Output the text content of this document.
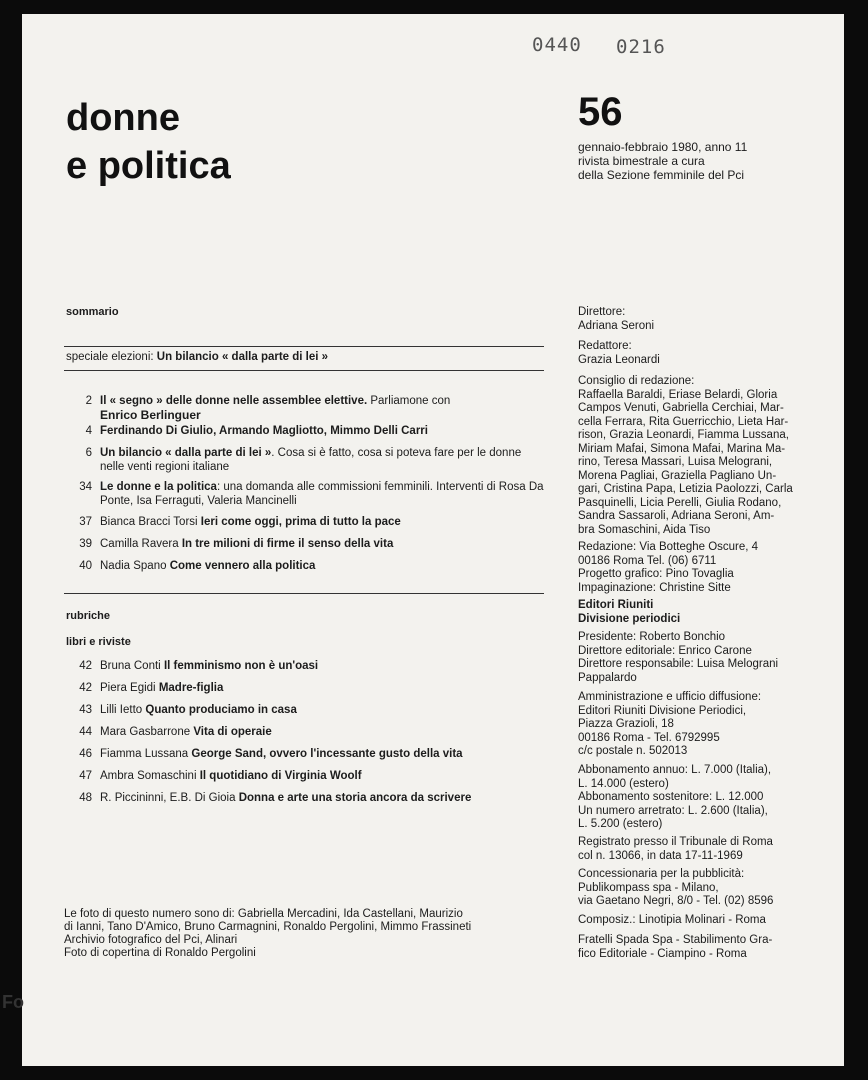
0440 0216
donne
e politica
56
gennaio-febbraio 1980, anno 11
rivista bimestrale a cura
della Sezione femminile del Pci
sommario
speciale elezioni: Un bilancio « dalla parte di lei »
2 Il « segno » delle donne nelle assemblee elettive. Parliamone con
Enrico Berlinguer
4 Ferdinando Di Giulio, Armando Magliotto, Mimmo Delli Carri
6 Un bilancio « dalla parte di lei ». Cosa si è fatto, cosa si poteva fare per le donne nelle venti regioni italiane
34 Le donne e la politica: una domanda alle commissioni femminili. Interventi di Rosa Da Ponte, Isa Ferraguti, Valeria Mancinelli
37 Bianca Bracci Torsi Ieri come oggi, prima di tutto la pace
39 Camilla Ravera In tre milioni di firme il senso della vita
40 Nadia Spano Come vennero alla politica
rubriche
libri e riviste
42 Bruna Conti Il femminismo non è un'oasi
42 Piera Egidi Madre-figlia
43 Lilli Ietto Quanto produciamo in casa
44 Mara Gasbarrone Vita di operaie
46 Fiamma Lussana George Sand, ovvero l'incessante gusto della vita
47 Ambra Somaschini Il quotidiano di Virginia Woolf
48 R. Piccininni, E.B. Di Gioia Donna e arte una storia ancora da scrivere
Le foto di questo numero sono di: Gabriella Mercadini, Ida Castellani, Maurizio
di Ianni, Tano D'Amico, Bruno Carmagnini, Ronaldo Pergolini, Mimmo Frassineti
Archivio fotografico del Pci, Alinari
Foto di copertina di Ronaldo Pergolini
Direttore:
Adriana Seroni
Redattore:
Grazia Leonardi
Consiglio di redazione:
Raffaella Baraldi, Eriase Belardi, Gloria
Campos Venuti, Gabriella Cerchiai, Mar-
cella Ferrara, Rita Guerricchio, Lieta Har-
rison, Grazia Leonardi, Fiamma Lussana,
Miriam Mafai, Simona Mafai, Marina Ma-
rino, Teresa Massari, Luisa Melograni,
Morena Pagliai, Graziella Pagliano Un-
gari, Cristina Papa, Letizia Paolozzi, Carla
Pasquinelli, Licia Perelli, Giulia Rodano,
Sandra Sassaroli, Adriana Seroni, Am-
bra Somaschini, Aida Tiso
Redazione: Via Botteghe Oscure, 4
00186 Roma Tel. (06) 6711
Progetto grafico: Pino Tovaglia
Impaginazione: Christine Sitte
Editori Riuniti
Divisione periodici
Presidente: Roberto Bonchio
Direttore editoriale: Enrico Carone
Direttore responsabile: Luisa Melograni
Pappalardo
Amministrazione e ufficio diffusione:
Editori Riuniti Divisione Periodici,
Piazza Grazioli, 18
00186 Roma - Tel. 6792995
c/c postale n. 502013
Abbonamento annuo: L. 7.000 (Italia),
L. 14.000 (estero)
Abbonamento sostenitore: L. 12.000
Un numero arretrato: L. 2.600 (Italia),
L. 5.200 (estero)
Registrato presso il Tribunale di Roma
col n. 13066, in data 17-11-1969
Concessionaria per la pubblicità:
Publikompass spa - Milano,
via Gaetano Negri, 8/0 - Tel. (02) 8596
Composiz.: Linotipia Molinari - Roma
Fratelli Spada Spa - Stabilimento Gra-
fico Editoriale - Ciampino - Roma
Fo
